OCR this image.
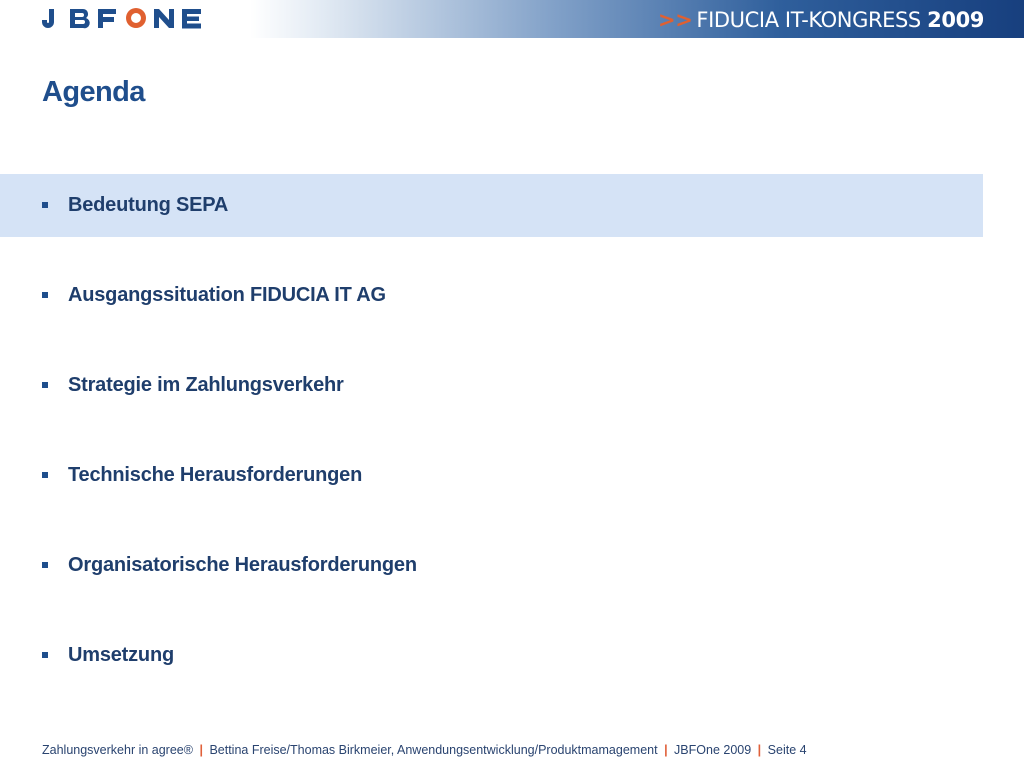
>> FIDUCIA IT-KONGRESS 2009
Agenda
Bedeutung SEPA
Ausgangssituation FIDUCIA IT AG
Strategie im Zahlungsverkehr
Technische Herausforderungen
Organisatorische Herausforderungen
Umsetzung
Zahlungsverkehr in agree® | Bettina Freise/Thomas Birkmeier, Anwendungsentwicklung/Produktmamagement | JBFOne 2009 | Seite 4
